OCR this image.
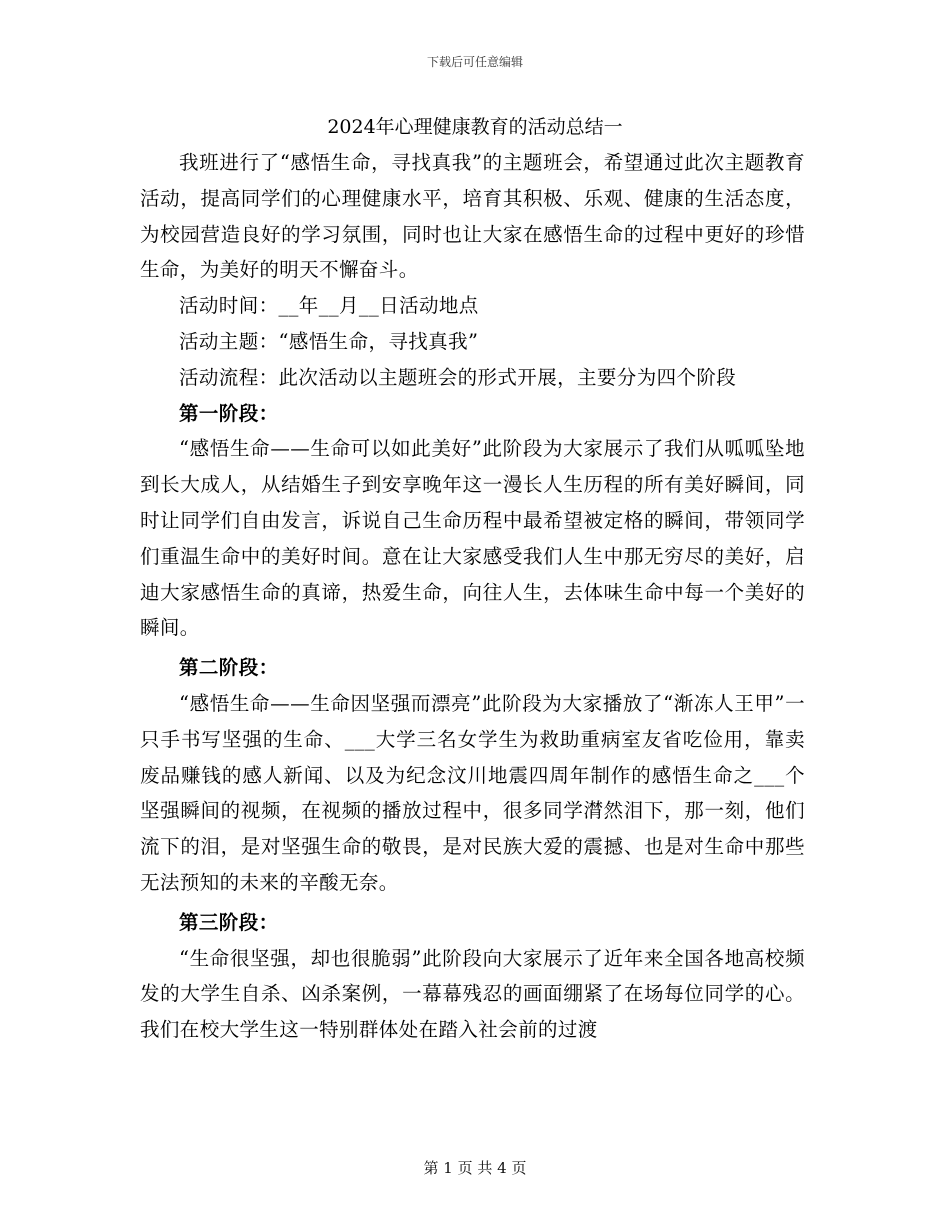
下载后可任意编辑
2024年心理健康教育的活动总结一

我班进行了“感悟生命，寻找真我”的主题班会，希望通过此次主题教育活动，提高同学们的心理健康水平，培育其积极、乐观、健康的生活态度，为校园营造良好的学习氛围，同时也让大家在感悟生命的过程中更好的珍惜生命，为美好的明天不懈奋斗。

活动时间：__年__月__日活动地点

活动主题：“感悟生命，寻找真我”

活动流程：此次活动以主题班会的形式开展，主要分为四个阶段

第一阶段：

“感悟生命——生命可以如此美好”此阶段为大家展示了我们从呱呱坠地到长大成人，从结婚生子到安享晚年这一漫长人生历程的所有美好瞬间，同时让同学们自由发言，诉说自己生命历程中最希望被定格的瞬间，带领同学们重温生命中的美好时间。意在让大家感受我们人生中那无穷尽的美好，启迪大家感悟生命的真谛，热爱生命，向往人生，去体味生命中每一个美好的瞬间。

第二阶段：

“感悟生命——生命因坚强而漂亮”此阶段为大家播放了“渐冻人王甲”一只手书写坚强的生命、___大学三名女学生为救助重病室友省吃俭用，靠卖废品赚钱的感人新闻、以及为纪念汶川地震四周年制作的感悟生命之___个坚强瞬间的视频，在视频的播放过程中，很多同学潸然泪下，那一刻，他们流下的泪，是对坚强生命的敬畏，是对民族大爱的震撼、也是对生命中那些无法预知的未来的辛酸无奈。

第三阶段：

“生命很坚强，却也很脆弱”此阶段向大家展示了近年来全国各地高校频发的大学生自杀、凶杀案例，一幕幕残忍的画面绷紧了在场每位同学的心。我们在校大学生这一特别群体处在踏入社会前的过渡

第 1 页 共 4 页
